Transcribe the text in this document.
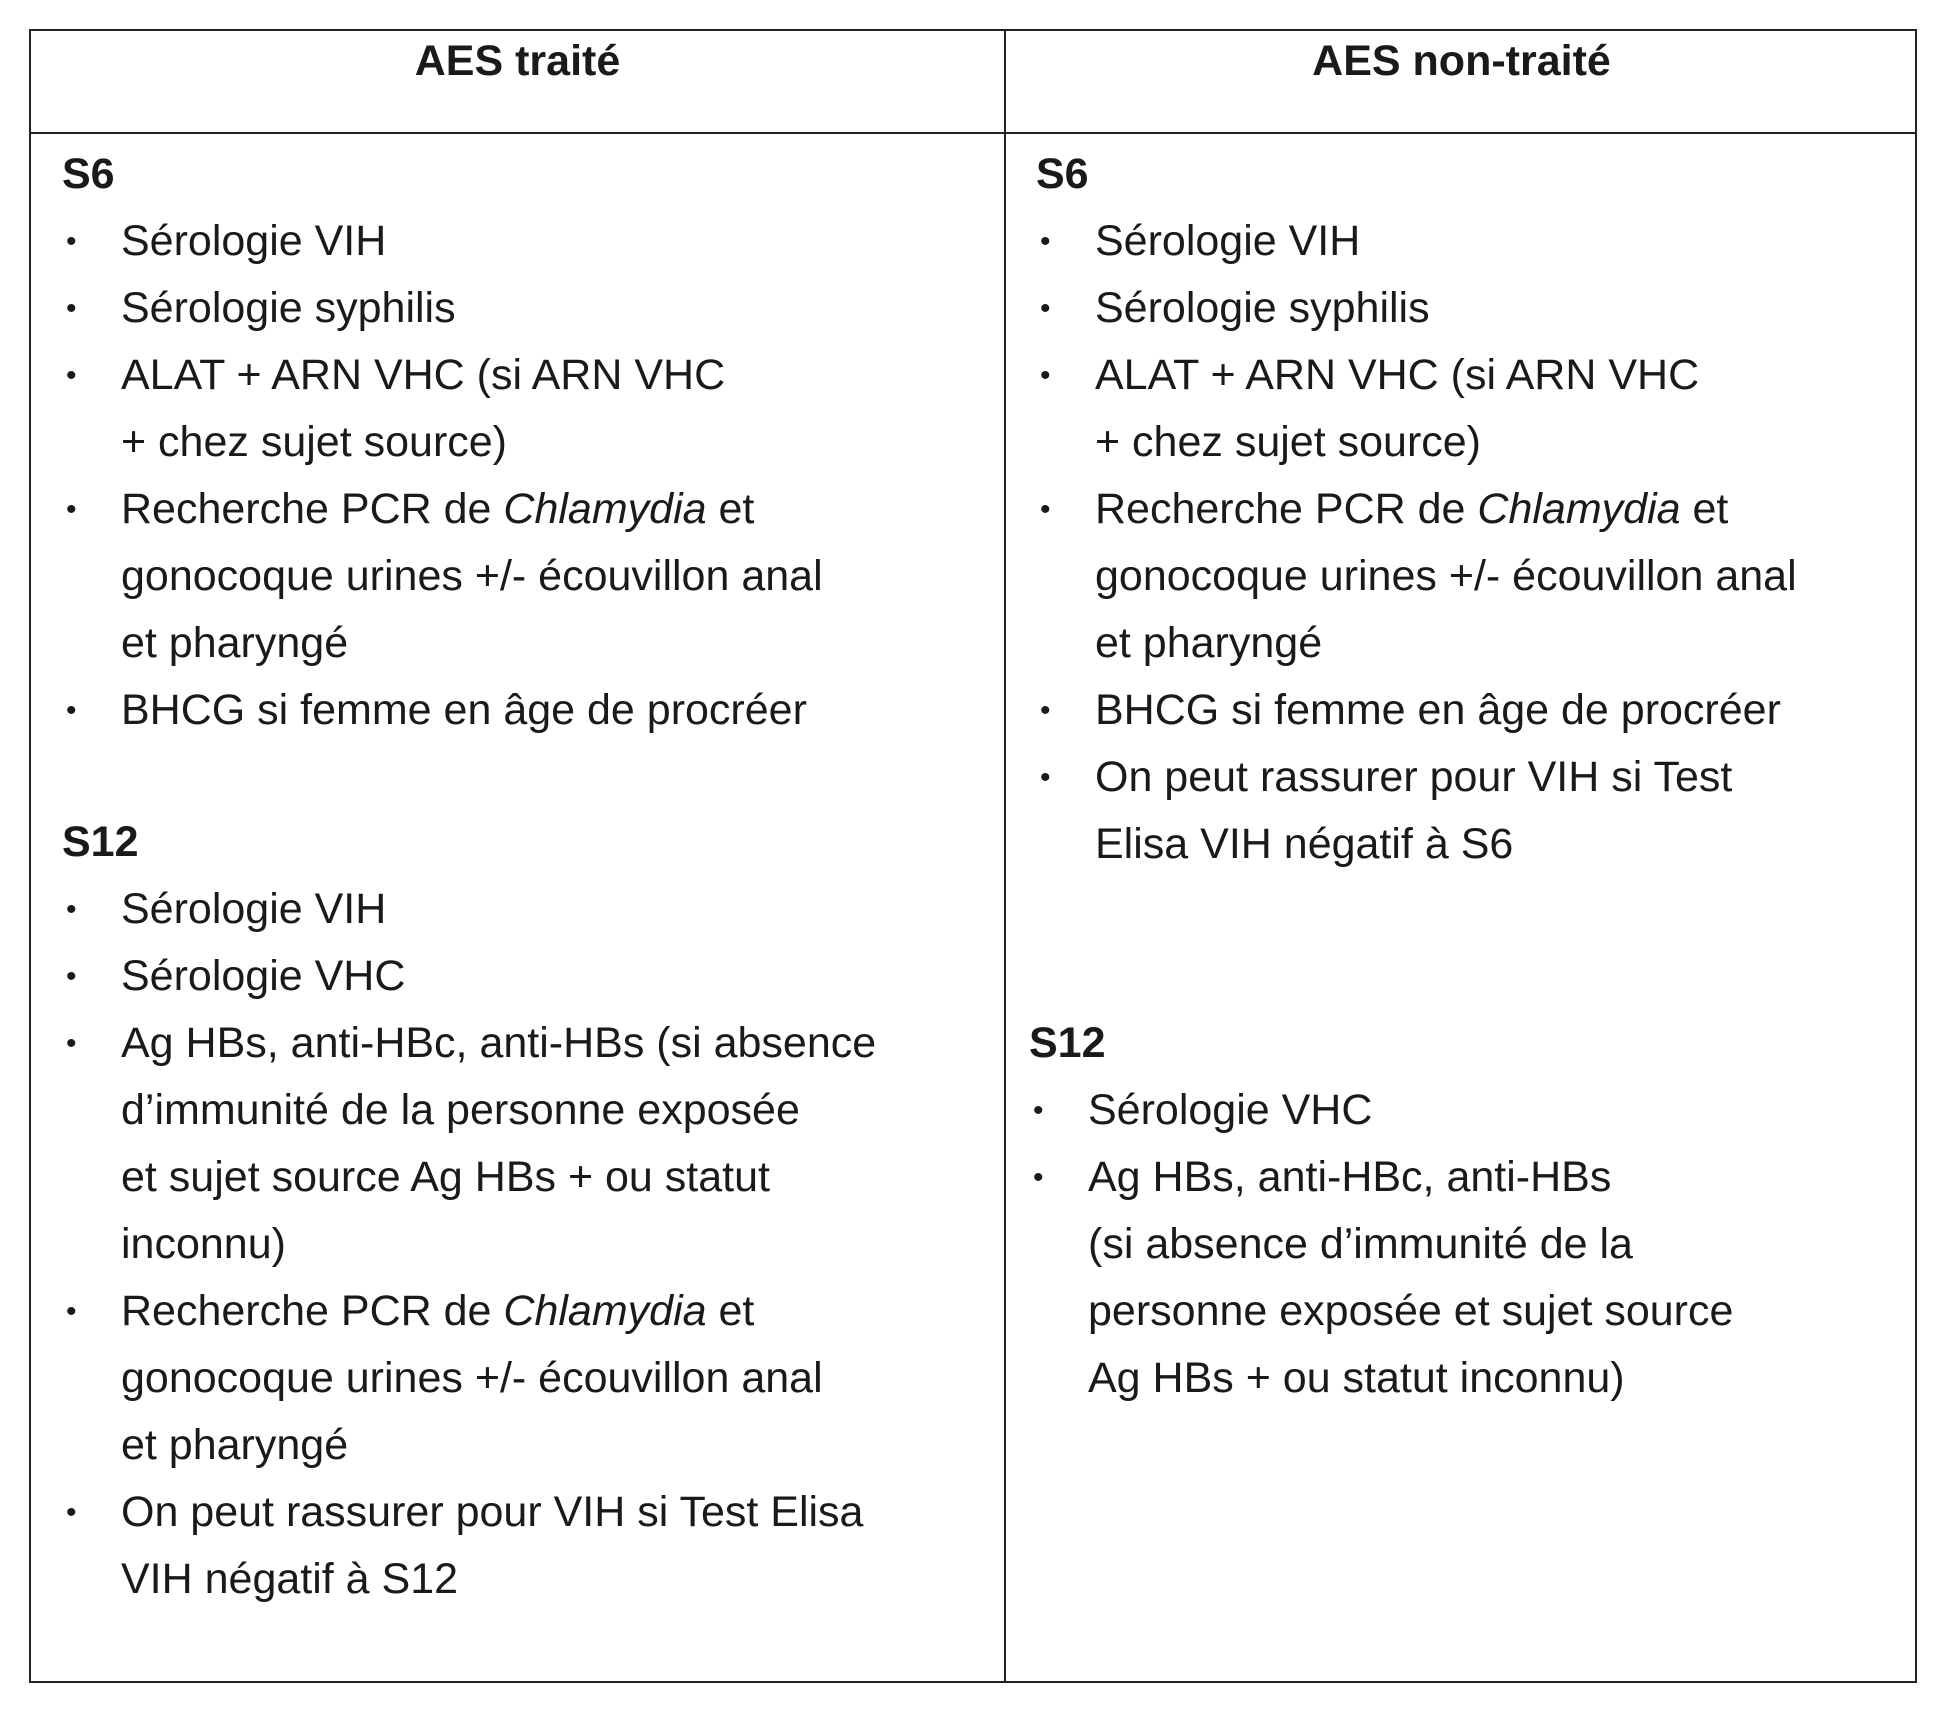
AES traité	AES non-traité
S6
• Sérologie VIH
• Sérologie syphilis
• ALAT + ARN VHC (si ARN VHC
+ chez sujet source)
• Recherche PCR de Chlamydia et
gonocoque urines +/- écouvillon anal
et pharyngé
• BHCG si femme en âge de procréer
S12
• Sérologie VIH
• Sérologie VHC
• Ag HBs, anti-HBc, anti-HBs (si absence
d’immunité de la personne exposée
et sujet source Ag HBs + ou statut
inconnu)
• Recherche PCR de Chlamydia et
gonocoque urines +/- écouvillon anal
et pharyngé
• On peut rassurer pour VIH si Test Elisa
VIH négatif à S12
S6
• Sérologie VIH
• Sérologie syphilis
• ALAT + ARN VHC (si ARN VHC
+ chez sujet source)
• Recherche PCR de Chlamydia et
gonocoque urines +/- écouvillon anal
et pharyngé
• BHCG si femme en âge de procréer
• On peut rassurer pour VIH si Test
Elisa VIH négatif à S6
S12
• Sérologie VHC
• Ag HBs, anti-HBc, anti-HBs
(si absence d’immunité de la
personne exposée et sujet source
Ag HBs + ou statut inconnu)
